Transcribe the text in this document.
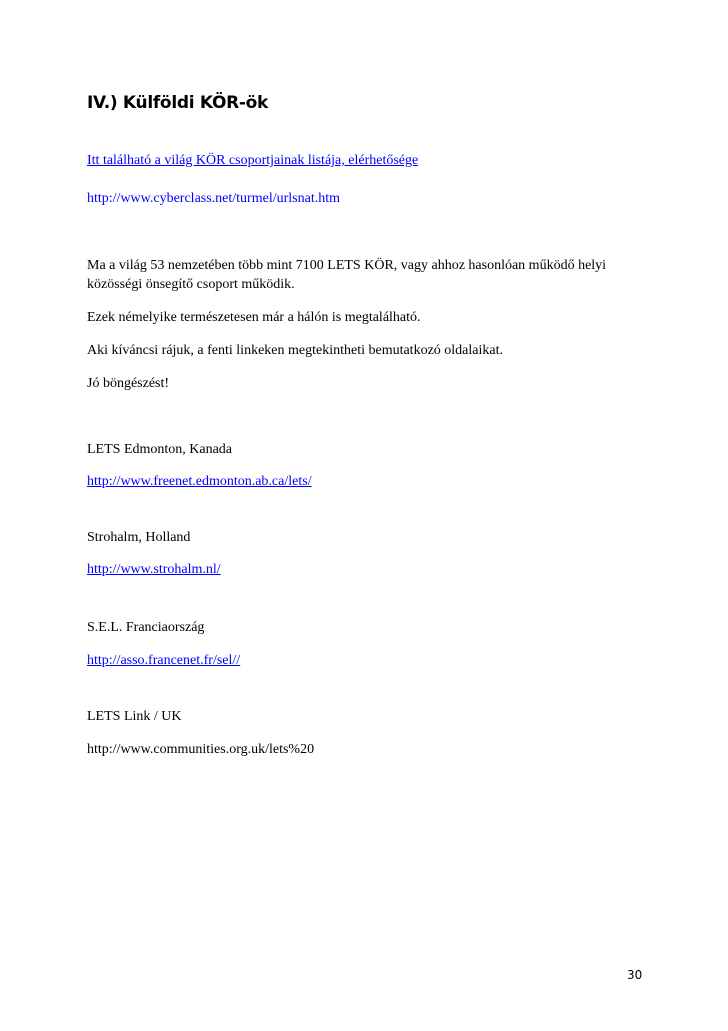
IV.) Külföldi KÖR-ök
Itt található a világ KÖR csoportjainak listája, elérhetősége
http://www.cyberclass.net/turmel/urlsnat.htm
Ma a világ 53 nemzetében több mint 7100 LETS KÖR, vagy ahhoz hasonlóan működő helyi
közösségi önsegítő csoport működik.
Ezek némelyike természetesen már a hálón is megtalálható.
Aki kíváncsi rájuk, a fenti linkeken megtekintheti bemutatkozó oldalaikat.
Jó böngészést!
LETS Edmonton, Kanada
http://www.freenet.edmonton.ab.ca/lets/
Strohalm, Holland
http://www.strohalm.nl/
S.E.L. Franciaország
http://asso.francenet.fr/sel//
LETS Link / UK
http://www.communities.org.uk/lets%20
30
